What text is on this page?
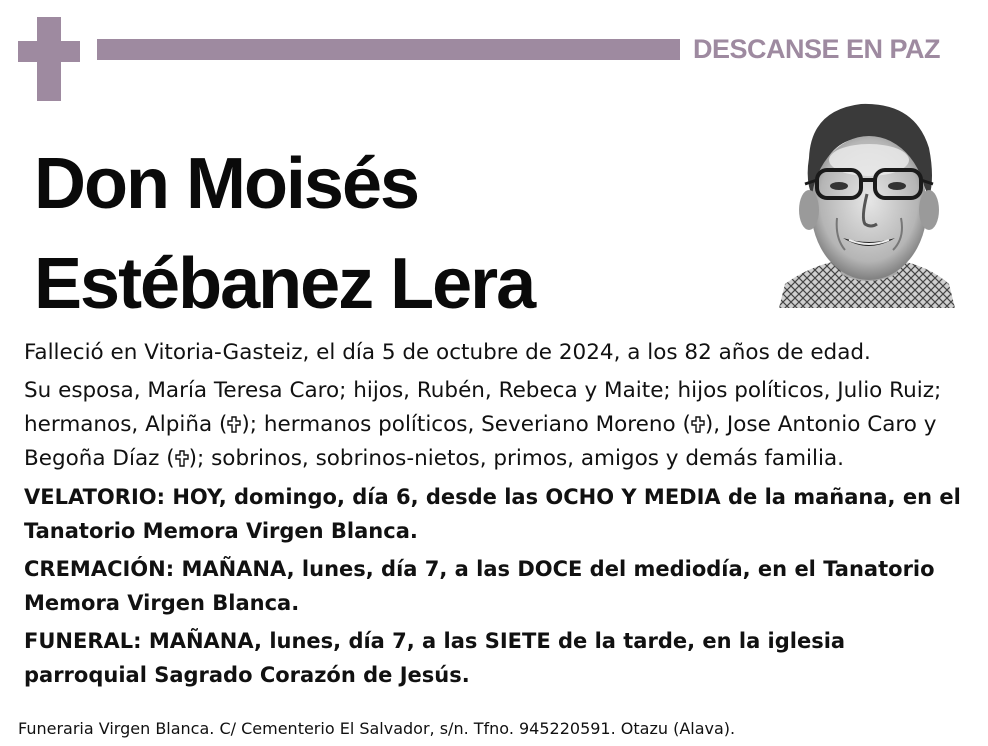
DESCANSE EN PAZ
Don Moisés
Estébanez Lera

Falleció en Vitoria-Gasteiz, el día 5 de octubre de 2024, a los 82 años de edad.

Su esposa, María Teresa Caro; hijos, Rubén, Rebeca y Maite; hijos políticos, Julio Ruiz; hermanos, Alpiña ( ); hermanos políticos, Severiano Moreno ( ), Jose Antonio Caro y Begoña Díaz ( ); sobrinos, sobrinos-nietos, primos, amigos y demás familia.

VELATORIO: HOY, domingo, día 6, desde las OCHO Y MEDIA de la mañana, en el Tanatorio Memora Virgen Blanca.

CREMACIÓN: MAÑANA, lunes, día 7, a las DOCE del mediodía, en el Tanatorio Memora Virgen Blanca.

FUNERAL: MAÑANA, lunes, día 7, a las SIETE de la tarde, en la iglesia parroquial Sagrado Corazón de Jesús.

Funeraria Virgen Blanca. C/ Cementerio El Salvador, s/n. Tfno. 945220591. Otazu (Alava).
